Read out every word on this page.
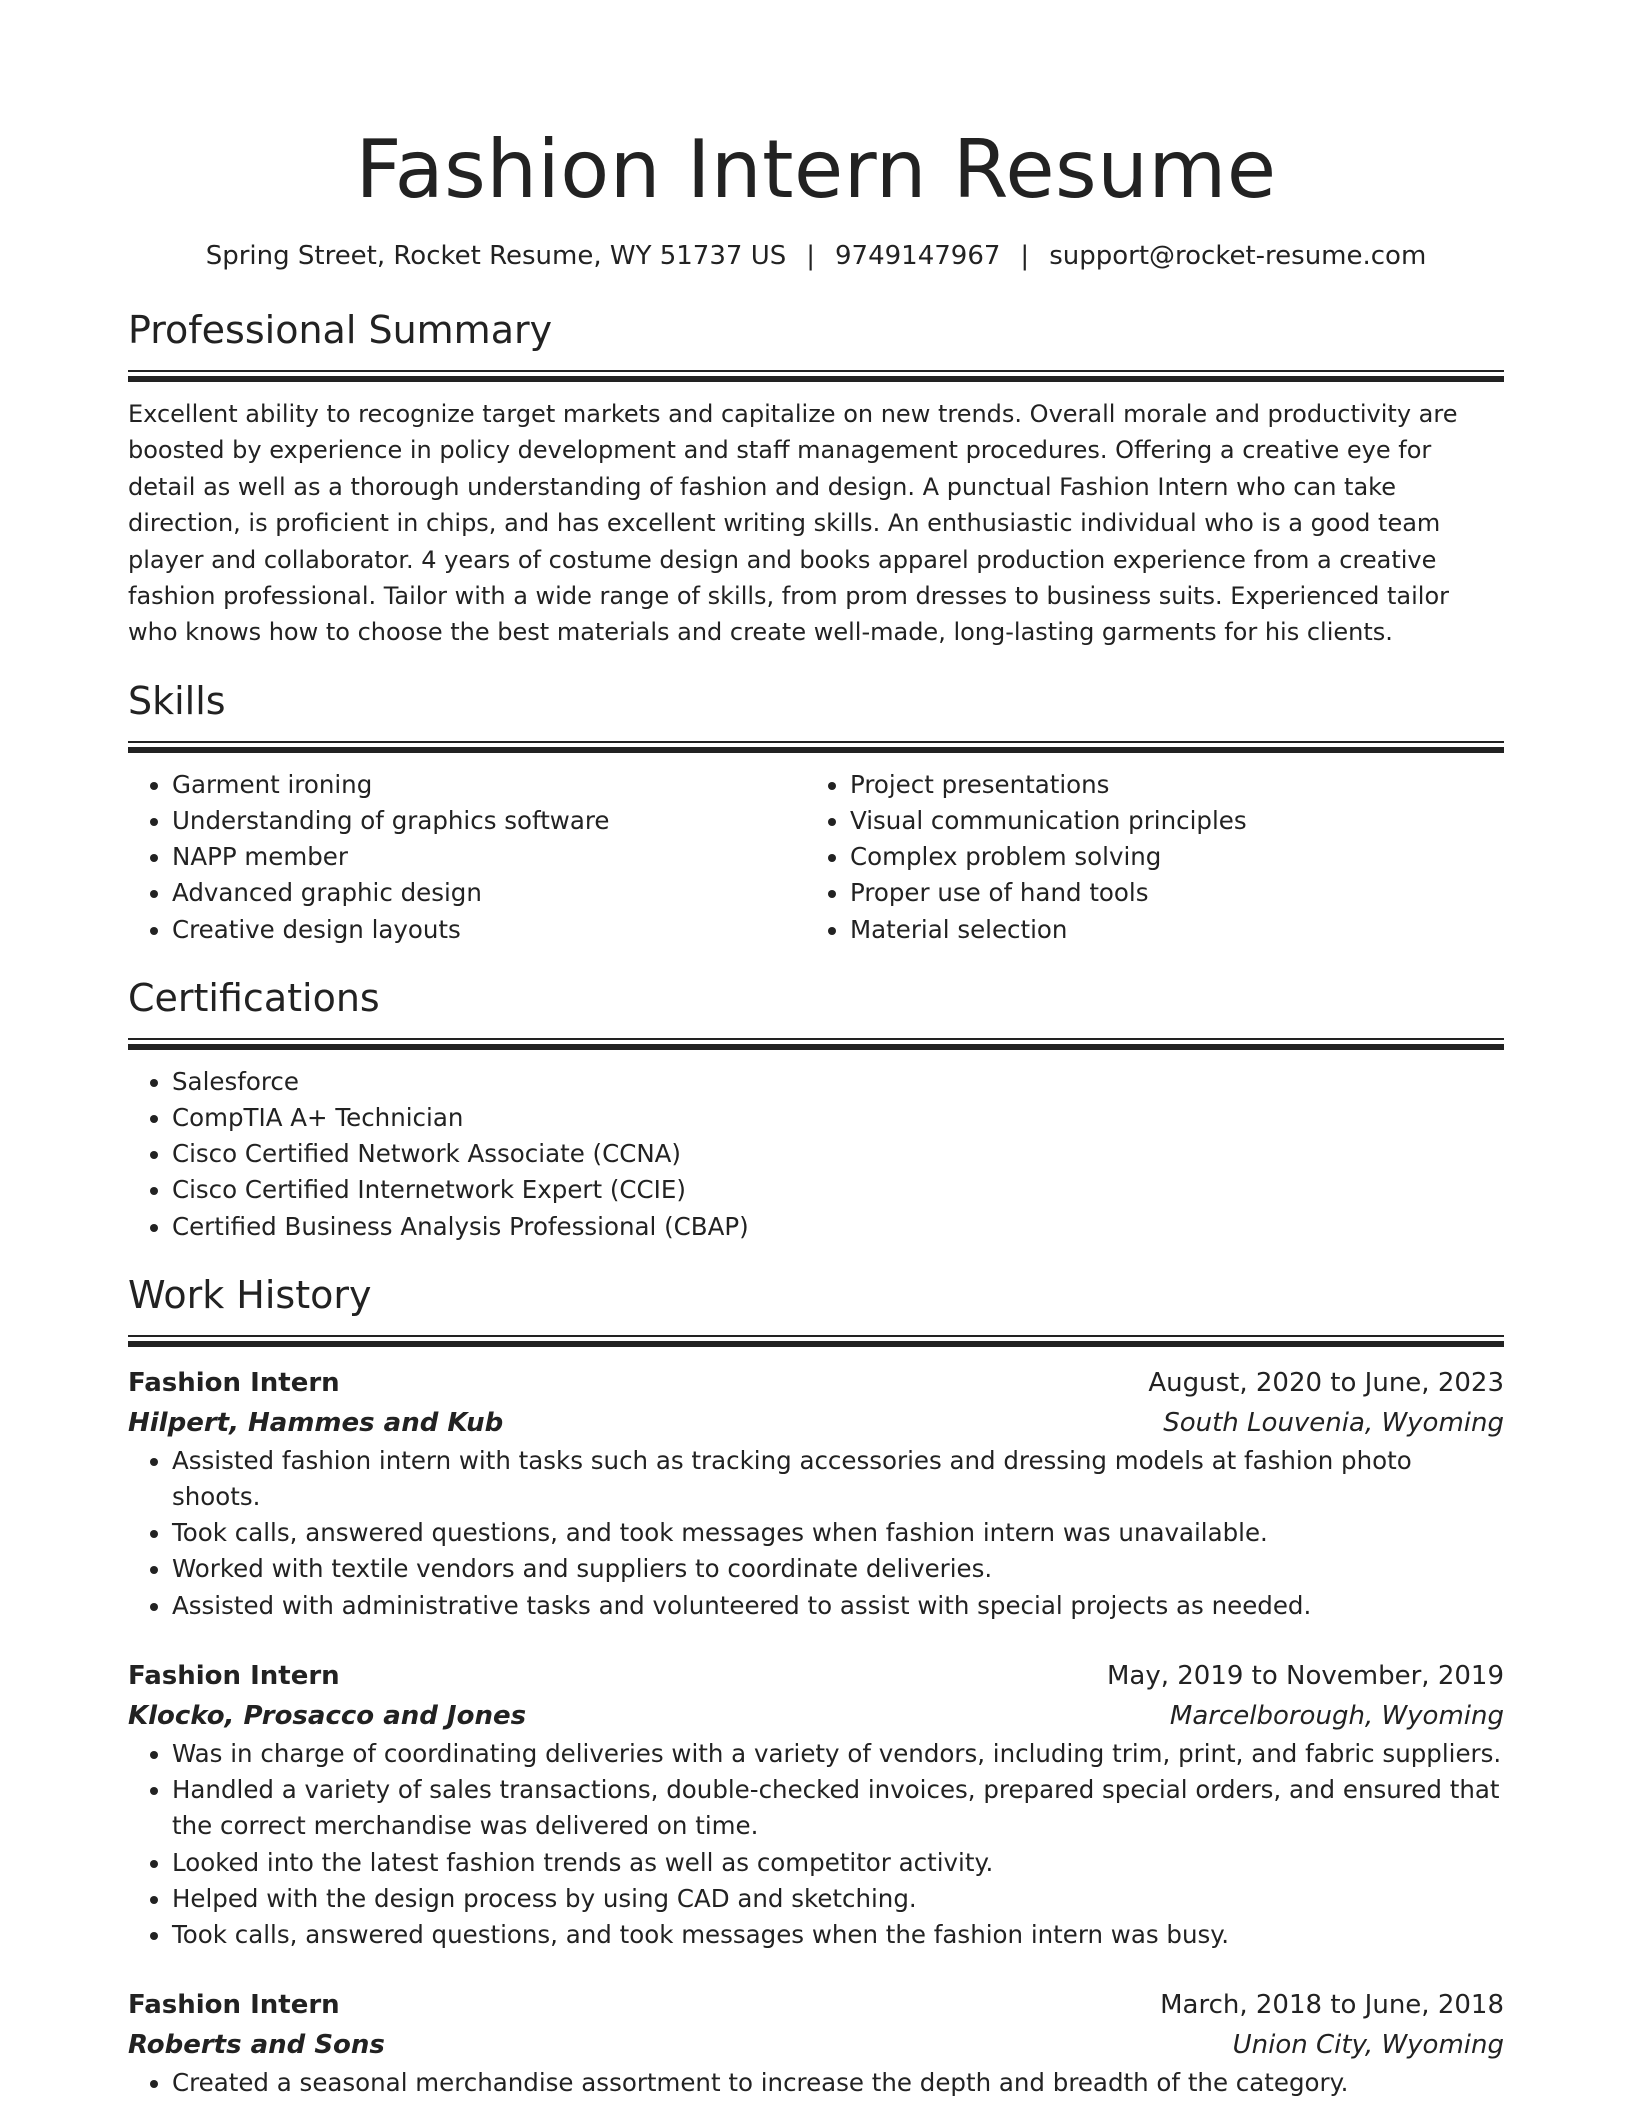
Fashion Intern Resume
Spring Street, Rocket Resume, WY 51737 US | 9749147967 | support@rocket-resume.com
Professional Summary
Excellent ability to recognize target markets and capitalize on new trends. Overall morale and productivity are boosted by experience in policy development and staff management procedures. Offering a creative eye for detail as well as a thorough understanding of fashion and design. A punctual Fashion Intern who can take direction, is proficient in chips, and has excellent writing skills. An enthusiastic individual who is a good team player and collaborator. 4 years of costume design and books apparel production experience from a creative fashion professional. Tailor with a wide range of skills, from prom dresses to business suits. Experienced tailor who knows how to choose the best materials and create well-made, long-lasting garments for his clients.
Skills
• Garment ironing
• Understanding of graphics software
• NAPP member
• Advanced graphic design
• Creative design layouts
• Project presentations
• Visual communication principles
• Complex problem solving
• Proper use of hand tools
• Material selection
Certifications
• Salesforce
• CompTIA A+ Technician
• Cisco Certified Network Associate (CCNA)
• Cisco Certified Internetwork Expert (CCIE)
• Certified Business Analysis Professional (CBAP)
Work History
Fashion Intern	August, 2020 to June, 2023
Hilpert, Hammes and Kub	South Louvenia, Wyoming
• Assisted fashion intern with tasks such as tracking accessories and dressing models at fashion photo shoots.
• Took calls, answered questions, and took messages when fashion intern was unavailable.
• Worked with textile vendors and suppliers to coordinate deliveries.
• Assisted with administrative tasks and volunteered to assist with special projects as needed.
Fashion Intern	May, 2019 to November, 2019
Klocko, Prosacco and Jones	Marcelborough, Wyoming
• Was in charge of coordinating deliveries with a variety of vendors, including trim, print, and fabric suppliers.
• Handled a variety of sales transactions, double-checked invoices, prepared special orders, and ensured that the correct merchandise was delivered on time.
• Looked into the latest fashion trends as well as competitor activity.
• Helped with the design process by using CAD and sketching.
• Took calls, answered questions, and took messages when the fashion intern was busy.
Fashion Intern	March, 2018 to June, 2018
Roberts and Sons	Union City, Wyoming
• Created a seasonal merchandise assortment to increase the depth and breadth of the category.
